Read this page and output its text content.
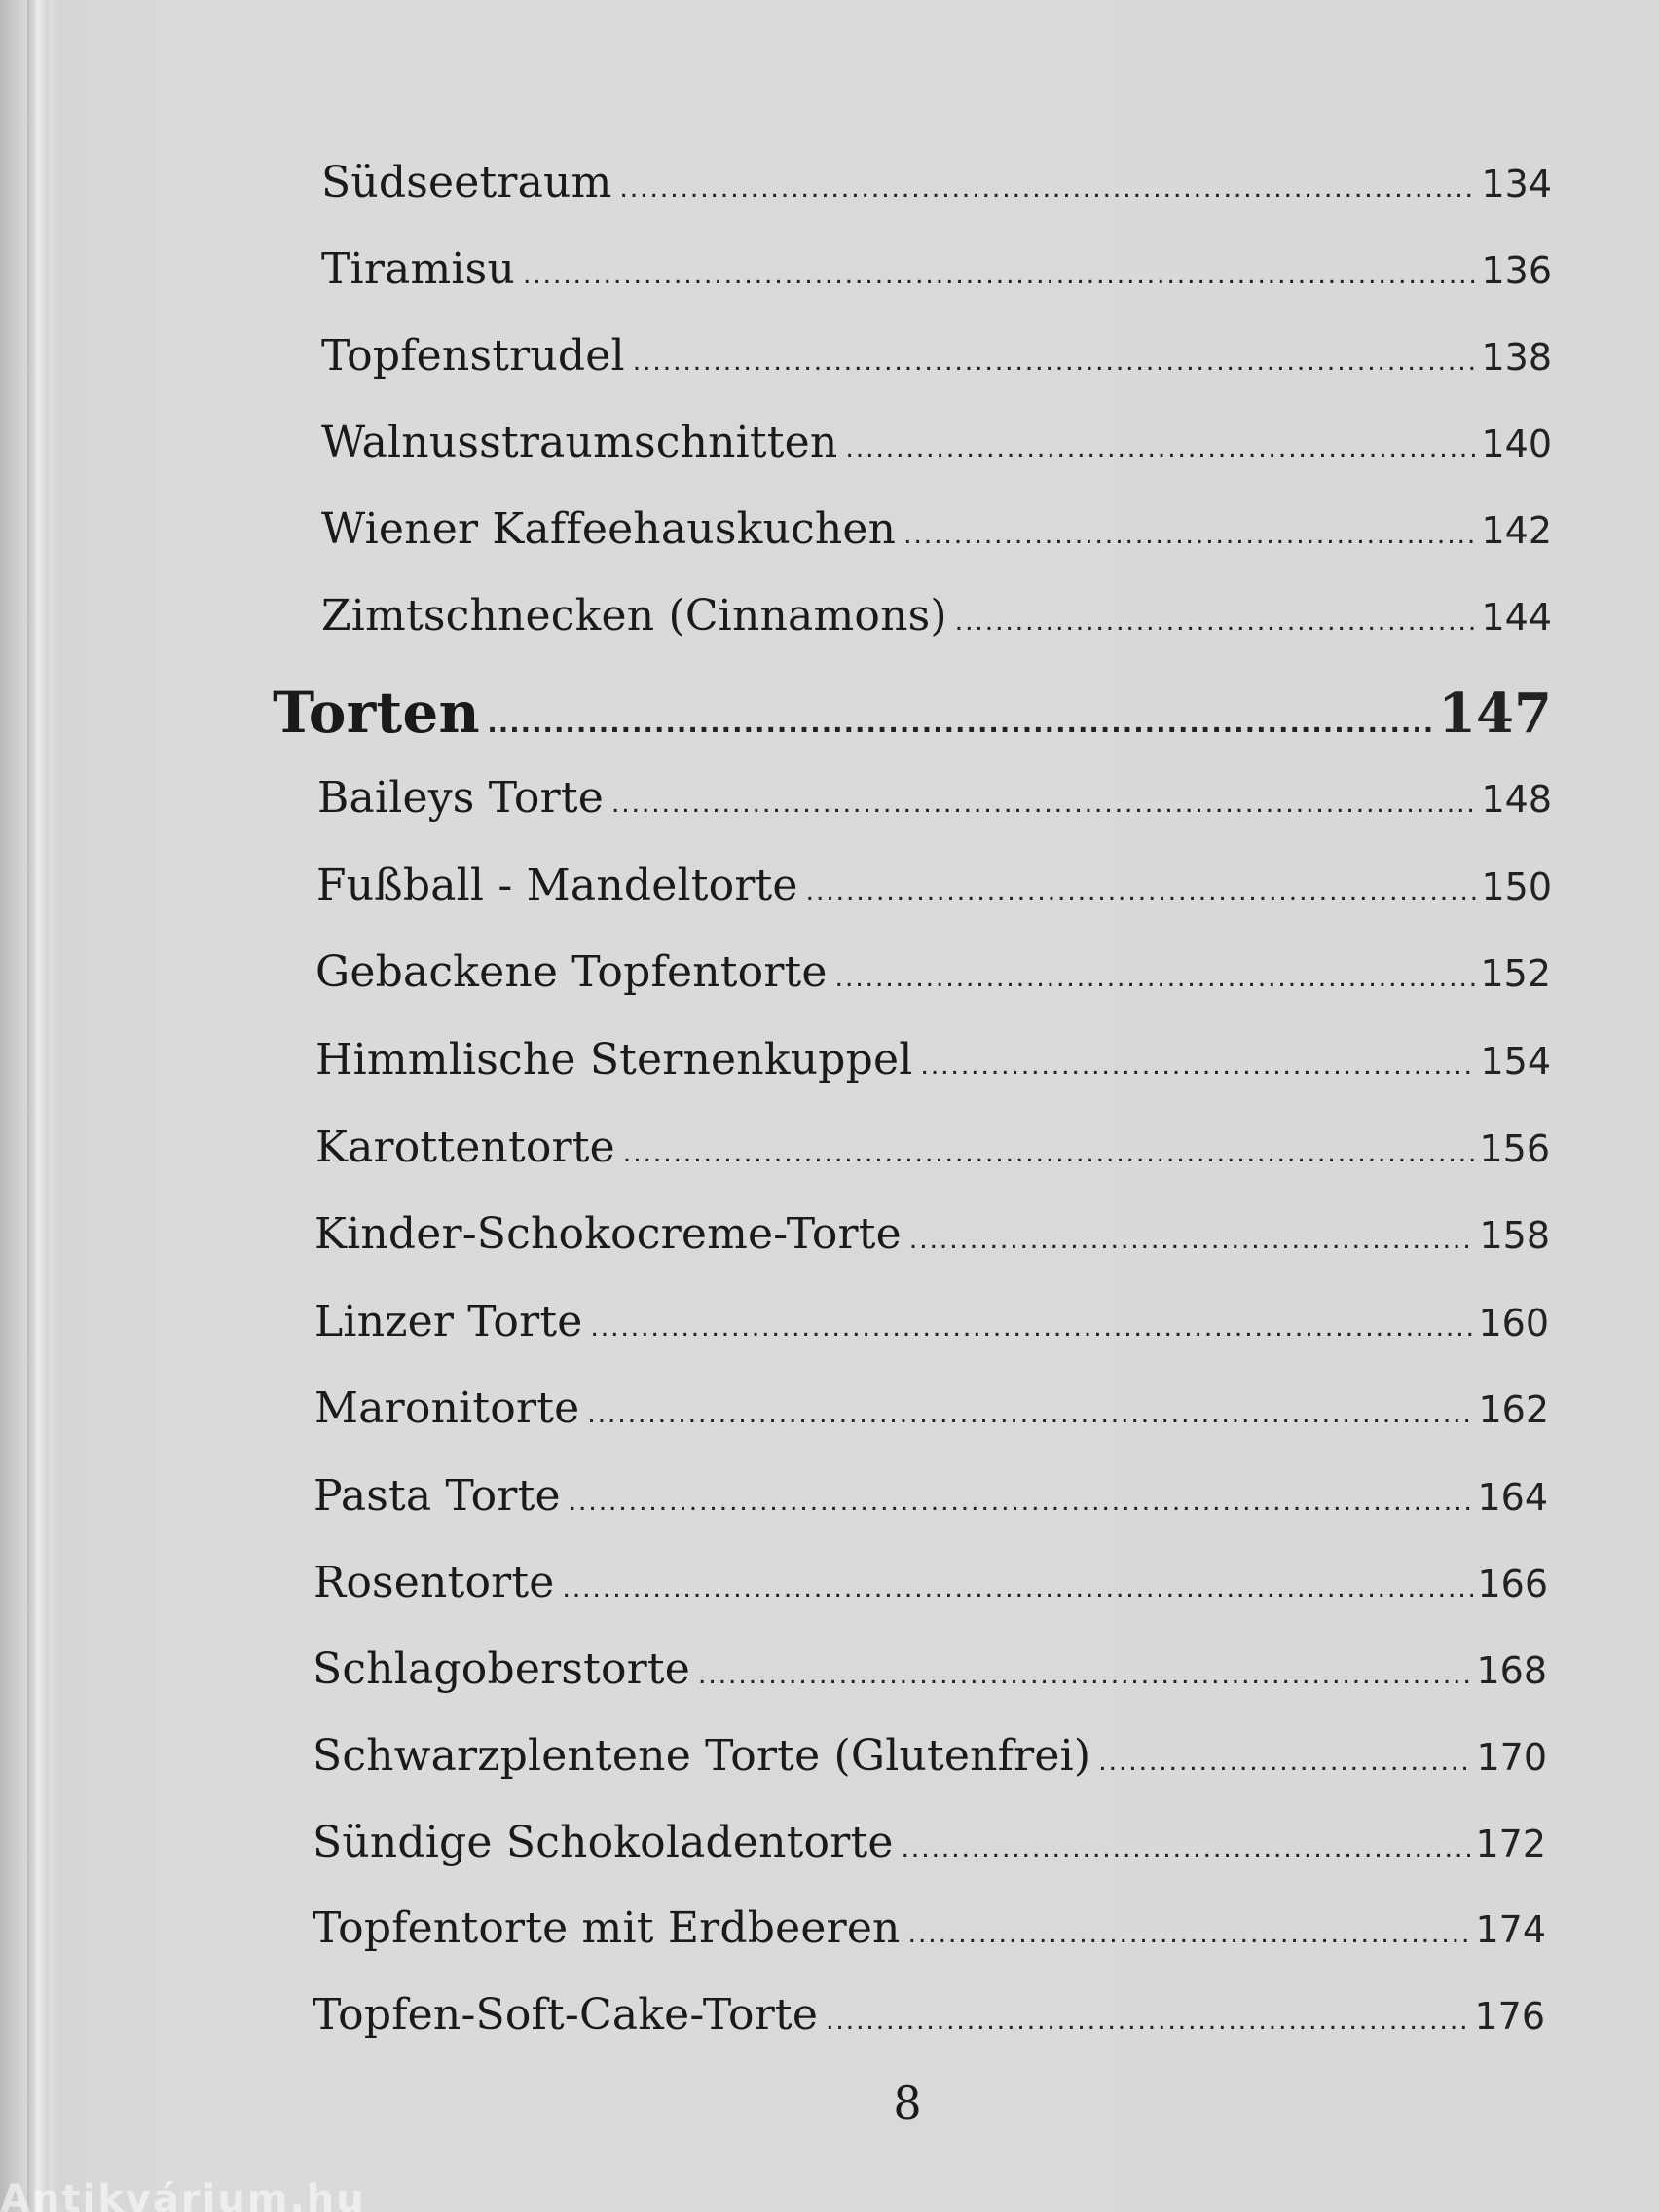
Südseetraum .....	134
Tiramisu .....	136
Topfenstrudel .....	138
Walnusstraumschnitten .....	140
Wiener Kaffeehauskuchen .....	142
Zimtschnecken (Cinnamons) .....	144
Torten .....	147
Baileys Torte .....	148
Fußball - Mandeltorte .....	150
Gebackene Topfentorte .....	152
Himmlische Sternenkuppel .....	154
Karottentorte .....	156
Kinder-Schokocreme-Torte .....	158
Linzer Torte .....	160
Maronitorte .....	162
Pasta Torte .....	164
Rosentorte .....	166
Schlagoberstorte .....	168
Schwarzplentene Torte (Glutenfrei) .....	170
Sündige Schokoladentorte .....	172
Topfentorte mit Erdbeeren .....	174
Topfen-Soft-Cake-Torte .....	176
8
Antikvárium.hu
